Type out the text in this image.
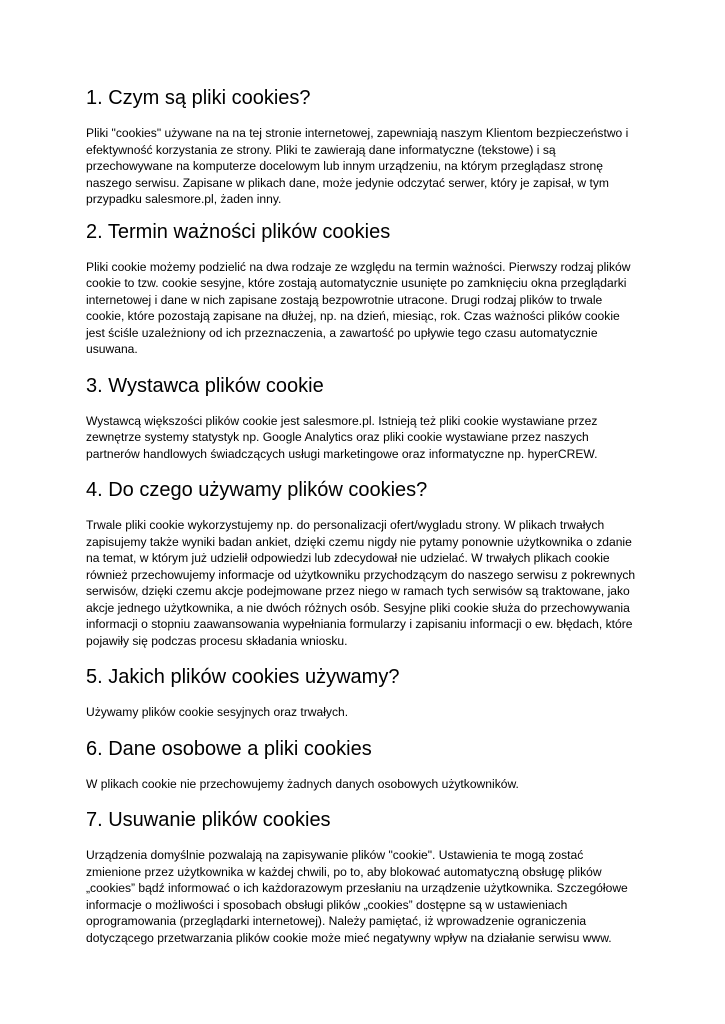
1. Czym są pliki cookies?

Pliki "cookies" używane na na tej stronie internetowej, zapewniają naszym Klientom bezpieczeństwo i efektywność korzystania ze strony. Pliki te zawierają dane informatyczne (tekstowe) i są przechowywane na komputerze docelowym lub innym urządzeniu, na którym przeglądasz stronę naszego serwisu. Zapisane w plikach dane, może jedynie odczytać serwer, który je zapisał, w tym przypadku salesmore.pl, żaden inny.

2. Termin ważności plików cookies

Pliki cookie możemy podzielić na dwa rodzaje ze względu na termin ważności. Pierwszy rodzaj plików cookie to tzw. cookie sesyjne, które zostają automatycznie usunięte po zamknięciu okna przeglądarki internetowej i dane w nich zapisane zostają bezpowrotnie utracone. Drugi rodzaj plików to trwale cookie, które pozostają zapisane na dłużej, np. na dzień, miesiąc, rok. Czas ważności plików cookie jest ściśle uzależniony od ich przeznaczenia, a zawartość po upływie tego czasu automatycznie usuwana.

3. Wystawca plików cookie

Wystawcą większości plików cookie jest salesmore.pl. Istnieją też pliki cookie wystawiane przez zewnętrze systemy statystyk np. Google Analytics oraz pliki cookie wystawiane przez naszych partnerów handlowych świadczących usługi marketingowe oraz informatyczne np. hyperCREW.

4. Do czego używamy plików cookies?

Trwale pliki cookie wykorzystujemy np. do personalizacji ofert/wygladu strony. W plikach trwałych zapisujemy także wyniki badan ankiet, dzięki czemu nigdy nie pytamy ponownie użytkownika o zdanie na temat, w którym już udzielił odpowiedzi lub zdecydował nie udzielać. W trwałych plikach cookie również przechowujemy informacje od użytkowniku przychodzącym do naszego serwisu z pokrewnych serwisów, dzięki czemu akcje podejmowane przez niego w ramach tych serwisów są traktowane, jako akcje jednego użytkownika, a nie dwóch różnych osób. Sesyjne pliki cookie służa do przechowywania informacji o stopniu zaawansowania wypełniania formularzy i zapisaniu informacji o ew. błędach, które pojawiły się podczas procesu składania wniosku.

5. Jakich plików cookies używamy?

Używamy plików cookie sesyjnych oraz trwałych.

6. Dane osobowe a pliki cookies

W plikach cookie nie przechowujemy żadnych danych osobowych użytkowników.

7. Usuwanie plików cookies

Urządzenia domyślnie pozwalają na zapisywanie plików "cookie". Ustawienia te mogą zostać zmienione przez użytkownika w każdej chwili, po to, aby blokować automatyczną obsługę plików „cookies” bądź informować o ich każdorazowym przesłaniu na urządzenie użytkownika. Szczegółowe informacje o możliwości i sposobach obsługi plików „cookies” dostępne są w ustawieniach oprogramowania (przeglądarki internetowej). Należy pamiętać, iż wprowadzenie ograniczenia dotyczącego przetwarzania plików cookie może mieć negatywny wpływ na działanie serwisu www.
